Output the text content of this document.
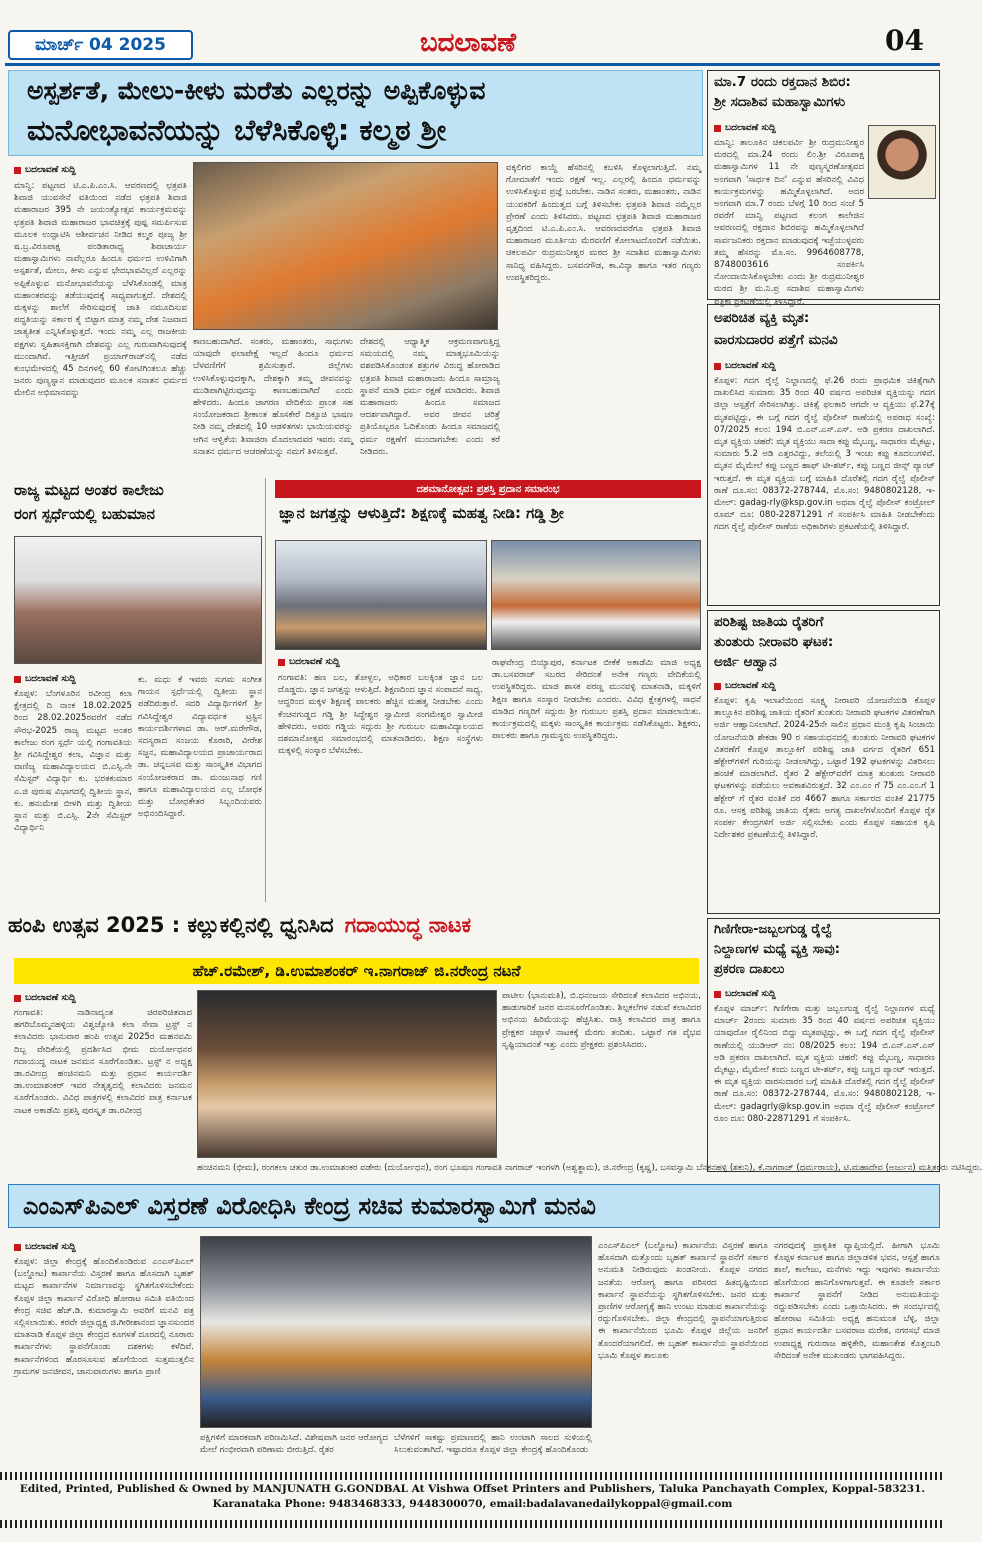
ಮಾರ್ಚ್ 04 2025	ಬದಲಾವಣೆ	04
ಅಸ್ಪರ್ಶತೆ, ಮೇಲು-ಕೀಳು ಮರೆತು ಎಲ್ಲರನ್ನು ಅಪ್ಪಿಕೊಳ್ಳುವ
ಮನೋಭಾವನೆಯನ್ನು ಬೆಳೆಸಿಕೊಳ್ಳಿ: ಕಲ್ಮಠ ಶ್ರೀ
ಬದಲಾವಣೆ ಸುದ್ದಿ
ಮಾನ್ವಿ: ಪಟ್ಟಣದ ಟಿ.ಎ.ಪಿ.ಎಂ.ಸಿ. ಆವರಣದಲ್ಲಿ ಛತ್ರಪತಿ ಶಿವಾಜಿ ಯುವಸೇನೆ ವತಿಯಿಂದ ನಡೆದ ಛತ್ರಪತಿ ಶಿವಾಜಿ ಮಹಾರಾಜರ 395 ನೇ ಜಯಂತ್ಯೋತ್ಸವ ಕಾರ್ಯಕ್ರಮವನ್ನು ಛತ್ರಪತಿ ಶಿವಾಜಿ ಮಹಾರಾಜರ ಭಾವಚಿತ್ರಕ್ಕೆ ಪುಷ್ಪ ಸಮರ್ಪಿಸುವ ಮೂಲಕ ಉದ್ಘಾಟಿಸಿ ಆಶೀರ್ವಚನ ನೀಡಿದ ಕಲ್ಮಠ ಪೂಜ್ಯ ಶ್ರೀ ಷ.ಬ್ರ.ವಿರೂಪಾಕ್ಷ ಪಂಡಿತಾರಾಧ್ಯ ಶಿವಾಚಾರ್ಯ ಮಹಾಸ್ವಾಮಿಗಳು ನಾವೆಲ್ಲರೂ ಹಿಂದೂ ಧರ್ಮದ ಉಳಿವಿಗಾಗಿ ಅಸ್ಪರ್ಶತೆ, ಮೇಲು, ಕೀಳು ಎನ್ನುವ ಭೇದಭಾವವಿಲ್ಲದೆ ಎಲ್ಲರನ್ನು ಅಪ್ಪಿಕೊಳ್ಳುವ ಮನೋಭಾವನೆಯನ್ನು ಬೆಳೆಸಿಕೊಂಡಲ್ಲಿ ಮಾತ್ರ ಮಹಾಂತರವನ್ನು ತಡೆಯುವುದಕ್ಕೆ ಸಾಧ್ಯವಾಗುತ್ತದೆ. ದೇಶದಲ್ಲಿ ಮಕ್ಕಳನ್ನು ಶಾಲೆಗೆ ಸೇರಿಸುವುದಕ್ಕೆ ಜಾತಿ ನಮೂದಿಸುವ ಪದ್ಧತಿಯನ್ನು ಸರ್ಕಾರ ಕೈ ಬಿಟ್ಟಾಗ ಮಾತ್ರ ನಮ್ಮ ದೇಶ ನಿಜವಾದ ಜಾತ್ಯತೀತ ಎನ್ನಿಸಿಕೊಳ್ಳುತ್ತದೆ. ಇಂದು ನಮ್ಮ ಎಲ್ಲ ರಾಜಕೀಯ ಪಕ್ಷಗಳು ಸ್ವಹಿತಾಸಕ್ತಿಗಾಗಿ ದೇಶವನ್ನು ಎಲ್ಲ ಗುರುವಾಗಿಸುವುದಕ್ಕೆ ಮುಂದಾಗಿವೆ. ಇತ್ತೀಚಿಗೆ ಪ್ರಯಾಗ್‌ರಾಜ್‌ನಲ್ಲಿ ನಡೆದ ಕುಂಭಮೇಳದಲ್ಲಿ 45 ದಿನಗಳಲ್ಲಿ 60 ಕೋಟಿಗಿಂತಲೂ ಹೆಚ್ಚು ಜನರು ಪುಣ್ಯಸ್ನಾನ ಮಾಡುವುದರ ಮೂಲಕ ಸನಾತನ ಧರ್ಮದ ಮೇಲಿನ ಅಭಿಮಾನವನ್ನು
ಕಾಣಬಹುದಾಗಿದೆ. ಸಂತರು, ಮಹಾಂತರು, ಸಾಧುಗಳು ಯಾವುದೇ ಫಲಾಪೇಕ್ಷೆ ಇಲ್ಲದೆ ಹಿಂದೂ ಧರ್ಮದ ಬೆಳವಣಿಗೆಗೆ ಶ್ರಮಿಸುತ್ತಾರೆ. ಜಿಲ್ಲೆಗಳು ಉಳಿಸಿಕೊಳ್ಳುವುದಕ್ಕಾಗಿ, ದೇಶಕ್ಕಾಗಿ ತಮ್ಮ ಜೀವನವನ್ನು ಮುಡಿಪಾಗಿಟ್ಟಿರುವುದನ್ನು ಕಾಣಬಹುದಾಗಿದೆ ಎಂದು ಹೇಳಿದರು. ಹಿಂದೂ ಜಾಗರಣ ವೇದಿಕೆಯ ಪ್ರಾಂತ ಸಹ ಸಂಯೋಜಕರಾದ ಶ್ರೀಕಾಂತ ಹೊಸಕೇರೆ ದಿಕ್ಸೂಚಿ ಭಾಷಣ ನೀಡಿ ನಮ್ಮ ದೇಶದಲ್ಲಿ 10 ಆಡಳಿತಗಳು ಭಾಯಿಯವರನ್ನು ಆಗಿನ ಆಳ್ವಿಕೆಯ ಶಿವಾಜಿರಾ ಮೊದಲಾದವರ ಇವರು ನಮ್ಮ ಸನಾತನ ಧರ್ಮದ ಆಚರಣೆಯನ್ನು ನಮಗೆ ತಿಳಿಸುತ್ತವೆ.
ದೇಶದಲ್ಲಿ ಆಧ್ಯಾತ್ಮಿಕ ಆಕ್ರಮಣವಾಗುತ್ತಿದ್ದ ಸಮಯದಲ್ಲಿ ನಮ್ಮ ಮಾತೃಭೂಮಿಯನ್ನು ವಶಪಡಿಸಿಕೊಂಡಂತ ಶತ್ರುಗಳ ವಿರುದ್ಧ ಹೋರಾಡಿದ ಛತ್ರಪತಿ ಶಿವಾಜಿ ಮಹಾರಾಜರು ಹಿಂದೂ ಸಾಮ್ರಾಜ್ಯ ಸ್ಥಾಪನೆ ಮಾಡಿ ಧರ್ಮ ರಕ್ಷಣೆ ಮಾಡಿದರು. ಶಿವಾಜಿ ಮಹಾರಾಜರು ಹಿಂದೂ ಸಮಾಜದ ಆದರ್ಶವಾಗಿದ್ದಾರೆ. ಅವರ ಜೀವನ ಚರಿತ್ರೆ ಪ್ರತಿಯೊಬ್ಬರೂ ಓದಿಕೊಂಡು ಹಿಂದೂ ಸಮಾಜದಲ್ಲಿ ಧರ್ಮ ರಕ್ಷಣೆಗೆ ಮುಂದಾಗಬೇಕು ಎಂದು ಕರೆ ನೀಡಿದರು.
ವಕ್ಕಲಿಗರ ಕಾಯ್ದೆ ಹೆಸರಿನಲ್ಲಿ ಕಬಳಿಸಿ ಕೊಳ್ಳಲಾಗುತ್ತಿದೆ. ನಮ್ಮ ಗೋಮಾತೆಗೆ ಇಂದು ರಕ್ಷಣೆ ಇಲ್ಲ. ಎಲ್ಲರಲ್ಲಿ ಹಿಂದೂ ಧರ್ಮವನ್ನು ಉಳಿಸಿಕೊಳ್ಳುವ ಪ್ರಜ್ಞೆ ಬರಬೇಕು. ನಾಡಿನ ಸಂತರು, ಮಹಾಂತರು, ನಾಡಿನ ಯುವಕರಿಗೆ ಹಿಂದುತ್ವದ ಬಗ್ಗೆ ತಿಳಿಸಬೇಕು ಛತ್ರಪತಿ ಶಿವಾಜಿ ನಮ್ಮೆಲ್ಲರ ಪ್ರೇರಣೆ ಎಂದು ತಿಳಿಸಿದರು. ಪಟ್ಟಣದ ಛತ್ರಪತಿ ಶಿವಾಜಿ ಮಹಾರಾಜರ ವೃತ್ತದಿಂದ ಟಿ.ಎ.ಪಿ.ಎಂ.ಸಿ. ಆವರಣದವರೆಗೂ ಛತ್ರಪತಿ ಶಿವಾಜಿ ಮಹಾರಾಜರ ಮೂರ್ತಿಯ ಮೆರವಣಿಗೆ ಕೋಲಾಟದೊಂದಿಗೆ ನಡೆಯಿತು. ಚಿಕಲಪರ್ವಿ ರುದ್ರಮುನೀಶ್ವರ ಮಠದ ಶ್ರೀ ಸದಾಶಿವ ಮಹಾಸ್ವಾಮಿಗಳು ಸಾನಿಧ್ಯ ವಹಿಸಿದ್ದರು. ಬಸವನಗೌಡ, ಕಾ.ವಿನ್ಯಾ ಹಾಗೂ ಇತರ ಗಣ್ಯರು ಉಪಸ್ಥಿತರಿದ್ದರು.
ಮಾ.7 ರಂದು ರಕ್ತದಾನ ಶಿಬಿರ:
ಶ್ರೀ ಸದಾಶಿವ ಮಹಾಸ್ವಾಮಿಗಳು
ಬದಲಾವಣೆ ಸುದ್ದಿ
ಮಾನ್ವಿ: ತಾಲೂಕಿನ ಚಿಕಲಪರ್ವಿ ಶ್ರೀ ರುದ್ರಮುನೀಶ್ವರ ಮಠದಲ್ಲಿ ಮಾ.24 ರಂದು ಲಿಂ.ಶ್ರೀ ವಿರೂಪಾಕ್ಷ ಮಹಾಸ್ವಾಮಿಗಳ 11 ನೇ ಪುಣ್ಯಸ್ಮರಣೋತ್ಸವದ ಅಂಗವಾಗಿ 'ಸಾರ್ಥಕ ದಿನ' ಎನ್ನುವ ಹೆಸರಿನಲ್ಲಿ ವಿವಿಧ ಕಾರ್ಯಕ್ರಮಗಳನ್ನು ಹಮ್ಮಿಕೊಳ್ಳಲಾಗಿದೆ. ಅದರ ಅಂಗವಾಗಿ ಮಾ.7 ರಂದು ಬೆಳಗ್ಗೆ 10 ರಿಂದ ಸಂಜೆ 5 ರವರೆಗೆ ಮಾನ್ವಿ ಪಟ್ಟಣದ ಕಲಂಗ ಕಾಲೇಜಿನ ಆವರಣದಲ್ಲಿ ರಕ್ತದಾನ ಶಿಬಿರವನ್ನು ಹಮ್ಮಿಕೊಳ್ಳಲಾಗಿದೆ ಸಾರ್ವಜನಿಕರು ರಕ್ತದಾನ ಮಾಡುವುದಕ್ಕೆ ಇಚ್ಛೆಯುಳ್ಳವರು ತಮ್ಮ ಹೆಸರನ್ನು ಮೊ.ಸಂ. 9964608778, 8748003616 ಸಂಪರ್ಕಿಸಿ ನೋಂದಾಯಿಸಿಕೊಳ್ಳಬೇಕು ಎಂದು ಶ್ರೀ ರುದ್ರಮುನೀಶ್ವರ ಮಠದ ಶ್ರೀ ಮ.ನಿ.ಪ್ರ ಸದಾಶಿವ ಮಹಾಸ್ವಾಮಿಗಳು ಪತ್ರಿಕಾ ಪ್ರಕಟಣೆಯಲ್ಲಿ ತಿಳಿಸಿದ್ದಾರೆ.
ಅಪರಿಚಿತ ವ್ಯಕ್ತಿ ಮೃತ:
ವಾರಸುದಾರರ ಪತ್ತೆಗೆ ಮನವಿ
ಬದಲಾವಣೆ ಸುದ್ದಿ
ಕೊಪ್ಪಳ: ಗದಗ ರೈಲ್ವೆ ನಿಲ್ದಾಣದಲ್ಲಿ ಫೆ.26 ರಂದು ಪ್ರಾಥಮಿಕ ಚಿಕಿತ್ಸೆಗಾಗಿ ದಾಖಲಿಸಿದ ಸುಮಾರು 35 ರಿಂದ 40 ವರ್ಷದ ಅಪರಿಚಿತ ವ್ಯಕ್ತಿಯನ್ನು ಗದಗ ಜಿಲ್ಲಾ ಆಸ್ಪತ್ರೆಗೆ ಸೇರಿಸಲಾಗಿತ್ತು. ಚಿಕಿತ್ಸೆ ಫಲಕಾರಿ ಆಗದೇ ಆ ವ್ಯಕ್ತಿಯು ಫೆ.27ಕ್ಕೆ ಮೃತಪಟ್ಟಿದ್ದು, ಈ ಬಗ್ಗೆ ಗದಗ ರೈಲ್ವೆ ಪೊಲೀಸ್ ಠಾಣೆಯಲ್ಲಿ ಅಪರಾಧ ಸಂಖ್ಯೆ: 07/2025 ಕಲಂ: 194 ಬಿ.ಎನ್.ಎಸ್.ಎಸ್. ಅಡಿ ಪ್ರಕರಣ ದಾಖಲಾಗಿದೆ. ಮೃತ ವ್ಯಕ್ತಿಯ ಚಹರೆ: ಮೃತ ವ್ಯಕ್ತಿಯು ಸಾದಾ ಕಪ್ಪು ಮೈಬಣ್ಣ, ಸಾಧಾರಣ ಮೈಕಟ್ಟು, ಸುಮಾರು 5.2 ಅಡಿ ಎತ್ತರವಿದ್ದು, ತಲೆಯಲ್ಲಿ 3 ಇಂಚು ಕಪ್ಪು ಕೂದಲುಗಳಿವೆ. ಮೃತನ ಮೈಮೇಲೆ ಕಪ್ಪು ಬಣ್ಣದ ಹಾಫ್ ಟೀ-ಶರ್ಟ್, ಕಪ್ಪು ಬಣ್ಣದ ಜೀನ್ಸ್ ಪ್ಯಾಂಟ್ ಇರುತ್ತದೆ. ಈ ಮೃತ ವ್ಯಕ್ತಿಯ ಬಗ್ಗೆ ಮಾಹಿತಿ ದೊರೆತಲ್ಲಿ ಗದಗ ರೈಲ್ವೆ ಪೊಲೀಸ್ ಠಾಣೆ ದೂ.ಸಂ: 08372-278744, ಮೊ.ಸಂ: 9480802128, ಇ-ಮೇಲ್: gadag-rly@ksp.gov.in ಅಥವಾ ರೈಲ್ವೆ ಪೊಲೀಸ್ ಕಂಟ್ರೋಲ್ ರೂಮ್ ದೂ: 080-22871291 ಗೆ ಸಂಪರ್ಕಿಸಿ ಮಾಹಿತಿ ನೀಡಬೇಕೆಂದು ಗದಗ ರೈಲ್ವೆ ಪೊಲೀಸ್ ಠಾಣೆಯ ಅಧಿಕಾರಿಗಳು ಪ್ರಕಟಣೆಯಲ್ಲಿ ತಿಳಿಸಿದ್ದಾರೆ.
ಪರಿಶಿಷ್ಟ ಜಾತಿಯ ರೈತರಿಗೆ
ತುಂತುರು ನೀರಾವರಿ ಘಟಕ:
ಅರ್ಜಿ ಆಹ್ವಾನ
ಬದಲಾವಣೆ ಸುದ್ದಿ
ಕೊಪ್ಪಳ: ಕೃಷಿ ಇಲಾಖೆಯಿಂದ ಸೂಕ್ಷ್ಮ ನೀರಾವರಿ ಯೋಜನೆಯಡಿ ಕೊಪ್ಪಳ ತಾಲ್ಲೂಕಿನ ಪರಿಶಿಷ್ಟ ಜಾತಿಯ ರೈತರಿಗೆ ತುಂತುರು ನೀರಾವರಿ ಘಟಕಗಳ ವಿತರಣೆಗಾಗಿ ಅರ್ಜಿ ಆಹ್ವಾನಿಸಲಾಗಿದೆ. 2024-25ನೇ ಸಾಲಿನ ಪ್ರಧಾನ ಮಂತ್ರಿ ಕೃಷಿ ಸಿಂಚಾಯಿ ಯೋಜನೆಯಡಿ ಶೇಕಡಾ 90 ರ ಸಹಾಯಧನದಲ್ಲಿ ತುಂತುರು ನೀರಾವರಿ ಘಟಕಗಳ ವಿತರಣೆಗೆ ಕೊಪ್ಪಳ ತಾಲ್ಲೂಕಿಗೆ ಪರಿಶಿಷ್ಟ ಜಾತಿ ವರ್ಗದ ರೈತರಿಗೆ 651 ಹೆಕ್ಟೇರ್‌ಗಳಿಗೆ ಗುರಿಯನ್ನು ನೀಡಲಾಗಿದ್ದು, ಒಟ್ಟಾರೆ 192 ಘಟಕಗಳನ್ನು ವಿತರಿಸಲು ಹಂಚಿಕೆ ಮಾಡಲಾಗಿದೆ. ರೈತರ 2 ಹೆಕ್ಟೇರ್‌ವರೆಗೆ ಮಾತ್ರ ತುಂತುರು ನೀರಾವರಿ ಘಟಕಗಳನ್ನು ಪಡೆಯಲು ಅವಕಾಶವಿರುತ್ತದೆ. 32 ಎಂ.ಎಂ ಗೆ 75 ಎಂ.ಎಂ.ಗೆ 1 ಹೆಕ್ಟೇರ್ ಗೆ ರೈತರ ವಂತಿಕೆ ದರ 4667 ಹಾಗೂ ಸರ್ಕಾರದ ವಂತಿಕೆ 21775 ರೂ. ಆಸಕ್ತ ಪರಿಶಿಷ್ಟ ಜಾತಿಯ ರೈತರು ಅಗತ್ಯ ದಾಖಲೆಗಳೊಂದಿಗೆ ಕೊಪ್ಪಳ ರೈತ ಸಂಪರ್ಕ ಕೇಂದ್ರಗಳಿಗೆ ಅರ್ಜಿ ಸಲ್ಲಿಸಬೇಕು ಎಂದು ಕೊಪ್ಪಳ ಸಹಾಯಕ ಕೃಷಿ ನಿರ್ದೇಶಕರ ಪ್ರಕಟಣೆಯಲ್ಲಿ ತಿಳಿಸಿದ್ದಾರೆ.
ಗಿಣಿಗೇರಾ-ಜಬ್ಬಲಗುಡ್ಡ ರೈಲ್ವೆ
ನಿಲ್ದಾಣಗಳ ಮಧ್ಯೆ ವ್ಯಕ್ತಿ ಸಾವು:
ಪ್ರಕರಣ ದಾಖಲು
ಬದಲಾವಣೆ ಸುದ್ದಿ
ಕೊಪ್ಪಳ ಮಾರ್ಚ್: ಗಿಣಿಗೇರಾ ಮತ್ತು ಜಬ್ಬಲಗುಡ್ಡ ರೈಲ್ವೆ ನಿಲ್ದಾಣಗಳ ಮಧ್ಯೆ ಮಾರ್ಚ್ 2ರಂದು ಸುಮಾರು 35 ರಿಂದ 40 ವರ್ಷದ ಅಪರಿಚಿತ ವ್ಯಕ್ತಿಯು ಯಾವುದೋ ರೈಲಿನಿಂದ ಬಿದ್ದು ಮೃತಪಟ್ಟಿದ್ದು, ಈ ಬಗ್ಗೆ ಗದಗ ರೈಲ್ವೆ ಪೊಲೀಸ್ ಠಾಣೆಯಲ್ಲಿ ಯುಡಿಆರ್ ನಂ: 08/2025 ಕಲಂ: 194 ಬಿ.ಎನ್.ಎಸ್.ಎಸ್ ಅಡಿ ಪ್ರಕರಣ ದಾಖಲಾಗಿದೆ. ಮೃತ ವ್ಯಕ್ತಿಯ ಚಹರೆ: ಕಪ್ಪು ಮೈಬಣ್ಣ, ಸಾಧಾರಣ ಮೈಕಟ್ಟು, ಮೈಮೇಲೆ ಕಂದು ಬಣ್ಣದ ಟೀ-ಶರ್ಟ್, ಕಪ್ಪು ಬಣ್ಣದ ಪ್ಯಾಂಟ್ ಇರುತ್ತದೆ. ಈ ಮೃತ ವ್ಯಕ್ತಿಯ ವಾರಸುದಾರರ ಬಗ್ಗೆ ಮಾಹಿತಿ ದೊರೆತಲ್ಲಿ ಗದಗ ರೈಲ್ವೆ ಪೊಲೀಸ್ ಠಾಣೆ ದೂ.ಸಂ: 08372-278744, ಮೊ.ಸಂ: 9480802128, ಇ-ಮೇಲ್: gadagrly@ksp.gov.in ಅಥವಾ ರೈಲ್ವೆ ಪೊಲೀಸ್ ಕಂಟ್ರೋಲ್ ರೂಂ ದೂ: 080-22871291 ಗೆ ಸಂಪರ್ಕಿಸಿ.
ರಾಜ್ಯ ಮಟ್ಟದ ಅಂತರ ಕಾಲೇಜು
ರಂಗ ಸ್ಪರ್ಧೆಯಲ್ಲಿ ಬಹುಮಾನ
ಬದಲಾವಣೆ ಸುದ್ದಿ
ಕೊಪ್ಪಳ: ಬೆಂಗಳೂರಿನ ರವೀಂದ್ರ ಕಲಾ ಕ್ಷೇತ್ರದಲ್ಲಿ ದಿ ನಾಂಕ 18.02.2025 ರಿಂದ 28.02.2025ರವರೆಗೆ ನಡೆದ ಸೌರಭ-2025 ರಾಜ್ಯ ಮಟ್ಟದ ಅಂತರ ಕಾಲೇಜು ರಂಗ ಸ್ಪರ್ಧೆ ಯಲ್ಲಿ ಗಂಗಾವತಿಯ ಶ್ರೀ ಗವಿಸಿದ್ದೇಶ್ವರ ಕಲಾ, ವಿಜ್ಞಾನ ಮತ್ತು ವಾಣಿಜ್ಯ ಮಹಾವಿದ್ಯಾಲಯದ ಬಿ.ಎಸ್ಸಿ.ನೇ ಸೆಮಿಸ್ಟರ್ ವಿದ್ಯಾರ್ಥಿ ಕು. ಭರತಕುಮಾರ ಎ.ಜಿ ಪುರುಷ ವಿಭಾಗದಲ್ಲಿ ದ್ವಿತೀಯ ಸ್ಥಾನ, ಕು. ಹನುಮೇಶ ಬೀಳಗಿ ಮತ್ತು ದ್ವಿತೀಯ ಸ್ಥಾನ ಮತ್ತು ಬಿ.ಎಸ್ಸಿ. 2ನೇ ಸೆಮಿಸ್ಟರ್ ವಿದ್ಯಾರ್ಥಿನಿ
ಕು. ಮಧು ಕೆ ಇವರು ಸುಗಮ ಸಂಗೀತ ಗಾಯನ ಸ್ಪರ್ಧೆಯಲ್ಲಿ ದ್ವಿತೀಯ ಸ್ಥಾನ ಪಡೆದಿರುತ್ತಾರೆ. ಸದರಿ ವಿದ್ಯಾರ್ಥಿಗಳಿಗೆ ಶ್ರೀ ಗವಿಸಿದ್ದೇಶ್ವರ ವಿದ್ಯಾವರ್ಧಕ ಟ್ರಸ್ಟಿನ ಕಾರ್ಯದರ್ಶಿಗಳಾದ ಡಾ. ಆರ್.ಮರೇಗೌಡ, ಸದಸ್ಯರಾದ ಸಂಜಯ ಕೊಠಾರಿ, ವೀರೇಶ ಸಜ್ಜನ, ಮಹಾವಿದ್ಯಾಲಯದ ಪ್ರಾಚಾರ್ಯರಾದ ಡಾ. ಚನ್ನಬಸವ ಮತ್ತು ಸಾಂಸ್ಕೃತಿಕ ವಿಭಾಗದ ಸಂಯೋಜಕರಾದ ಡಾ. ಮಂಜುನಾಥ ಗಣಿ ಹಾಗೂ ಮಹಾವಿದ್ಯಾಲಯದ ಎಲ್ಲ ಬೋಧಕ ಮತ್ತು ಬೋಧಕೇತರ ಸಿಬ್ಬಂದಿಯವರು ಅಭಿನಂದಿಸಿದ್ದಾರೆ.
ದಶಮಾನೋತ್ಸವ: ಪ್ರಶಸ್ತಿ ಪ್ರದಾನ ಸಮಾರಂಭ
ಜ್ಞಾನ ಜಗತ್ತನ್ನು ಆಳುತ್ತಿದೆ: ಶಿಕ್ಷಣಕ್ಕೆ ಮಹತ್ವ ನೀಡಿ: ಗಡ್ಡಿ ಶ್ರೀ
ಬದಲಾವಣೆ ಸುದ್ದಿ
ಗಂಗಾವತಿ: ಹಣ ಬಲ, ತೋಳ್ಬಲ, ಅಧಿಕಾರ ಬಲಕ್ಕಿಂತ ಜ್ಞಾನ ಬಲ ದೊಡ್ಡದು. ಜ್ಞಾನ ಜಗತ್ತನ್ನು ಆಳುತ್ತಿದೆ. ಶಿಕ್ಷಣದಿಂದ ಜ್ಞಾನ ಸಂಪಾದನೆ ಸಾಧ್ಯ. ಆದ್ದರಿಂದ ಮಕ್ಕಳ ಶಿಕ್ಷಣಕ್ಕೆ ಪಾಲಕರು ಹೆಚ್ಚಿನ ಮಹತ್ವ ನೀಡಬೇಕು ಎಂದು ಕೆಂಚನಗುಡ್ಡದ ಗಡ್ಡಿ ಶ್ರೀ ಸಿದ್ಧೇಶ್ವರ ಸ್ವಾಮೀಜಿ ಸಂಗಮೇಶ್ವರ ಸ್ವಾಮೀಜಿ ಹೇಳಿದರು. ಅವರು ಗಡ್ಡಿಯ ಸದ್ಗುರು ಶ್ರೀ ಗುರುಬಲ ಮಹಾವಿದ್ಯಾಲಯದ ದಶಮಾನೋತ್ಸವ ಸಮಾರಂಭದಲ್ಲಿ ಮಾತನಾಡಿದರು. ಶಿಕ್ಷಣ ಸಂಸ್ಥೆಗಳು ಮಕ್ಕಳಲ್ಲಿ ಸಂಸ್ಕಾರ ಬೆಳೆಸಬೇಕು.
ರಾಘವೇಂದ್ರ ಬಿಯ್ಯಾಪುರ, ಕರ್ನಾಟಕ ಬೀಕೆಕೆ ಅಕಾಡೆಮಿ ಮಾಜಿ ಅಧ್ಯಕ್ಷ ಡಾ.ಬಸವರಾಜ್ ಸಬರದ ಸೇರಿದಂತೆ ಅನೇಕ ಗಣ್ಯರು ವೇದಿಕೆಯಲ್ಲಿ ಉಪಸ್ಥಿತರಿದ್ದರು. ಮಾಜಿ ಶಾಸಕ ಪರಣ್ಣ ಮುನವಳ್ಳಿ ಮಾತನಾಡಿ, ಮಕ್ಕಳಿಗೆ ಶಿಕ್ಷಣ ಹಾಗೂ ಸಂಸ್ಕಾರ ನೀಡಬೇಕು ಎಂದರು. ವಿವಿಧ ಕ್ಷೇತ್ರಗಳಲ್ಲಿ ಸಾಧನೆ ಮಾಡಿದ ಗಣ್ಯರಿಗೆ ಸದ್ಗುರು ಶ್ರೀ ಗುರುಬಲ ಪ್ರಶಸ್ತಿ ಪ್ರದಾನ ಮಾಡಲಾಯಿತು. ಕಾರ್ಯಕ್ರಮದಲ್ಲಿ ಮಕ್ಕಳು ಸಾಂಸ್ಕೃತಿಕ ಕಾರ್ಯಕ್ರಮ ನಡೆಸಿಕೊಟ್ಟರು. ಶಿಕ್ಷಕರು, ಪಾಲಕರು ಹಾಗೂ ಗ್ರಾಮಸ್ಥರು ಉಪಸ್ಥಿತರಿದ್ದರು.
ಹಂಪಿ ಉತ್ಸವ 2025 : ಕಲ್ಲುಕಲ್ಲಿನಲ್ಲಿ ಧ್ವನಿಸಿದ ಗದಾಯುದ್ಧ ನಾಟಕ
ಹೆಚ್.ರಮೇಶ್, ಡಿ.ಉಮಾಶಂಕರ್ ಇ.ನಾಗರಾಜ್ ಜಿ.ನರೇಂದ್ರ ನಟನೆ
ಬದಲಾವಣೆ ಸುದ್ದಿ
ಗಂಗಾವತಿ: ನಾಡಿನಾದ್ಯಂತ ಚಿರಪರಿಚಿತವಾದ ಹಗರಿಬೊಮ್ಮನಹಳ್ಳಿಯ ವಿಶ್ವಜ್ಯೋತಿ ಕಲಾ ಸೇವಾ ಟ್ರಸ್ಟ್ ನ ಕಲಾವಿದರು ಭಾನುವಾರ ಹಂಪಿ ಉತ್ಸವ 2025ರ ಮಹನವಮಿ ದಿಬ್ಬ ವೇದಿಕೆಯಲ್ಲಿ ಪ್ರದರ್ಶಿಸಿದ ಭೀಮ ದುರ್ಯೋಧನರ ಗದಾಯುದ್ಧ ನಾಟಕ ಜನಮನ ಸೂರೆಗೊಂಡಿತು. ಟ್ರಸ್ಟ್ ನ ಅಧ್ಯಕ್ಷ ಡಾ.ರವೀಂದ್ರ ಹಂಚಿನಮನಿ ಮತ್ತು ಪ್ರಧಾನ ಕಾರ್ಯದರ್ಶಿ ಡಾ.ಉಮಾಶಂಕರ್ ಇವರ ನೇತೃತ್ವದಲ್ಲಿ ಕಲಾವಿದರು ಜನಮನ ಸೂರೆಗೊಂಡರು. ವಿವಿಧ ಪಾತ್ರಗಳಲ್ಲಿ ಕಲಾವಿದರ ಪಾತ್ರ ಕರ್ನಾಟಕ ನಾಟಕ ಅಕಾಡೆಮಿ ಪ್ರಶಸ್ತಿ ಪುರಸ್ಕೃತ ಡಾ.ರವೀಂದ್ರ
ಪಾಟೀಲ (ಭಾನುಮತಿ), ಬಿ.ಧನಂಜಯ ಸೇರಿದಂತೆ ಕಲಾವಿದರ ಅಭಿನಯ, ಹಾಡುಗಾರಿಕೆ ಜನರ ಮನಸೂರೆಗೊಂಡಿತು. ಶಿಲ್ಪಕಲೆಗಳ ನಡುವೆ ಕಲಾವಿದರ ಅಭಿನಯ ಹಿರಿಮೆಯನ್ನು ಹೆಚ್ಚಿಸಿತು. ರಾತ್ರಿ ಕಲಾವಿದರ ಪಾತ್ರ ಹಾಗೂ ಪ್ರೇಕ್ಷಕರ ಚಪ್ಪಾಳೆ ನಾಟಕಕ್ಕೆ ಮೆರಗು ತಂದಿತು. ಒಟ್ಟಾರೆ ಗತ ವೈಭವ ಸೃಷ್ಟಿಯಾದಂತೆ ಇತ್ತು ಎಂದು ಪ್ರೇಕ್ಷಕರು ಪ್ರಶಂಸಿಸಿದರು.
ಹಂಚಿನಮನಿ (ಭೀಮ), ರಂಗಕಲಾ ಚತುರ ಡಾ.ಉಮಾಶಂಕರ ವಡೇರು (ದುರ್ಯೋಧನ), ರಂಗ ಭೂಷಣ ಗಂಗಾವತಿ ನಾಗರಾಜ್ ಇಂಗಳಗಿ (ಅಶ್ವತ್ಥಾಮ), ಜಿ.ನರೇಂದ್ರ (ಕೃಷ್ಣ), ಬಸವಸ್ವಾಮಿ ಬೆನಕನಹಳ್ಳಿ (ಶಕುನಿ), ಕೆ.ನಾಗರಾಜ್ (ಧರ್ಮರಾಯ), ಟಿ.ಮಹಾದೇವ (ಅರ್ಜುನ) ಮತ್ತಿತರರು ನಟಿಸಿದ್ದರು.
ಎಂಎಸ್‌ಪಿಎಲ್ ವಿಸ್ತರಣೆ ವಿರೋಧಿಸಿ ಕೇಂದ್ರ ಸಚಿವ ಕುಮಾರಸ್ವಾಮಿಗೆ ಮನವಿ
ಬದಲಾವಣೆ ಸುದ್ದಿ
ಕೊಪ್ಪಳ: ಜಿಲ್ಲಾ ಕೇಂದ್ರಕ್ಕೆ ಹೊಂದಿಕೊಂಡಿರುವ ಎಂಎಸ್‌ಪಿಎಲ್ (ಬಲ್ಡೋಟ) ಕಾರ್ಖಾನೆಯ ವಿಸ್ತರಣೆ ಹಾಗೂ ಹೊಸದಾಗಿ ಬೃಹತ್ ಮಟ್ಟದ ಕಾರ್ಖಾನೆಗಳ ನಿರ್ಮಾಣವನ್ನು ಸ್ಥಗಿತಗೊಳಿಸಬೇಕೆಂದು ಕೊಪ್ಪಳ ಜಿಲ್ಲಾ ಕಾರ್ಖಾನೆ ವಿರೋಧಿ ಹೋರಾಟ ಸಮಿತಿ ವತಿಯಿಂದ ಕೇಂದ್ರ ಸಚಿವ ಹೆಚ್.ಡಿ. ಕುಮಾರಸ್ವಾಮಿ ಅವರಿಗೆ ಮನವಿ ಪತ್ರ ಸಲ್ಲಿಸಲಾಯಿತು. ಕರವೇ ಜಿಲ್ಲಾಧ್ಯಕ್ಷ ಜಿ.ಗೀರೀಶಾನಂದ ಜ್ಞಾನಸುಂದರ ಮಾತನಾಡಿ ಕೊಪ್ಪಳ ಜಿಲ್ಲಾ ಕೇಂದ್ರದ ಕೂಗಳತೆ ದೂರದಲ್ಲಿ ನೂರಾರು ಕಾರ್ಖಾನೆಗಳು ಸ್ಥಾಪನೆಗೊಂಡು ದಶಕಗಳು ಕಳೆದಿವೆ. ಕಾರ್ಖಾನೆಗಳಿಂದ ಹೊರಸೂಸುವ ಹೊಗೆಯಿಂದ ಸುತ್ತಮುತ್ತಲಿನ ಗ್ರಾಮಗಳ ಜನಜೀವನ, ಜಾನುವಾರುಗಳು ಹಾಗೂ ಪ್ರಾಣಿ
ಪಕ್ಷಿಗಳಿಗೆ ಮಾರಕವಾಗಿ ಪರಿಣಮಿಸಿದೆ. ವಿಶೇಷವಾಗಿ ಜನರ ಆರೋಗ್ಯದ ಮೇಲೆ ಗಂಭೀರವಾಗಿ ಪರಿಣಾಮ ಬೀರುತ್ತಿದೆ. ರೈತರ
ಬೆಳೆಗಳಿಗೆ ಸಾಕಷ್ಟು ಪ್ರಮಾಣದಲ್ಲಿ ಹಾನಿ ಉಂಟಾಗಿ ಸಾಲದ ಸುಳಿಯಲ್ಲಿ ಸಿಲುಕುವಂತಾಗಿದೆ. ಇಷ್ಟಾದರೂ ಕೊಪ್ಪಳ ಜಿಲ್ಲಾ ಕೇಂದ್ರಕ್ಕೆ ಹೊಂದಿಕೊಂಡು
ಎಂಎಸ್‌ಪಿಎಲ್ (ಬಲ್ಡೋಟ) ಕಾರ್ಖಾನೆಯ ವಿಸ್ತರಣೆ ಹಾಗೂ ಹೊಸದಾಗಿ ಮತ್ತೊಂದು ಬೃಹತ್ ಕಾರ್ಖಾನೆ ಸ್ಥಾಪನೆಗೆ ಸರ್ಕಾರ ಅನುಮತಿ ನೀಡಿರುವುದು ಖಂಡನೀಯ. ಕೊಪ್ಪಳ ನಗರದ ಜನತೆಯ ಆರೋಗ್ಯ ಹಾಗೂ ಪರಿಸರದ ಹಿತದೃಷ್ಟಿಯಿಂದ ಕಾರ್ಖಾನೆ ಸ್ಥಾಪನೆಯನ್ನು ಸ್ಥಗಿತಗೊಳಿಸಬೇಕು. ಜನರ ಮತ್ತು ಪ್ರಾಣಿಗಳ ಆರೋಗ್ಯಕ್ಕೆ ಹಾನಿ ಉಂಟು ಮಾಡುವ ಕಾರ್ಖಾನೆಯನ್ನು ರದ್ದುಗೊಳಿಸಬೇಕು. ಜಿಲ್ಲಾ ಕೇಂದ್ರದಲ್ಲಿ ಸ್ಥಾಪನೆಯಾಗುತ್ತಿರುವ ಈ ಕಾರ್ಖಾನೆಯಿಂದ ಭೂಮಿ ಕೊಪ್ಪಳ ಜಿಲ್ಲೆಯ ಜನರಿಗೆ ತೊಂದರೆಯಾಗಲಿದೆ. ಈ ಬೃಹತ್ ಕಾರ್ಖಾನೆಯ ಸ್ಥಾಪನೆಯಿಂದ ಭೂಮಿ ಕೊಪ್ಪಳ ತಾಲೂಕು
ನಗರವುದಕ್ಕೆ ಪ್ರಾಕೃತಿಕ ವ್ಯಾಪ್ತಿಯಲ್ಲಿದೆ. ಹೀಗಾಗಿ ಭೂಮಿ ಕೊಪ್ಪಳ ಕರ್ನಾಟಕ ಹಾಗೂ ಜಿಲ್ಲಾಡಳಿತ ಭವನ, ಆಸ್ಪತ್ರೆ ಹಾಗೂ ಶಾಲೆ, ಕಾಲೇಜು, ಮನೆಗಳು ಇದ್ದು ಇವುಗಳು ಕಾರ್ಖಾನೆಯ ಹೊಗೆಯಿಂದ ಹಾನಿಗೊಳಗಾಗುತ್ತವೆ. ಈ ಕೂಡಲೇ ಸರ್ಕಾರ ಕಾರ್ಖಾನೆ ಸ್ಥಾಪನೆಗೆ ನೀಡಿದ ಅನುಮತಿಯನ್ನು ರದ್ದುಪಡಿಸಬೇಕು ಎಂದು ಒತ್ತಾಯಿಸಿದರು. ಈ ಸಂದರ್ಭದಲ್ಲಿ ಹೋರಾಟ ಸಮಿತಿಯ ಅಧ್ಯಕ್ಷ ಹನುಮಂತ ಬೆಳ್ಳಿ, ಜಿಲ್ಲಾ ಪ್ರಧಾನ ಕಾರ್ಯದರ್ಶಿ ಬಸವರಾಜ ಮರೇಶ, ನಗರಸಭೆ ಮಾಜಿ ಉಪಾಧ್ಯಕ್ಷ ಗುರುರಾಜ ಹಳ್ಳಿಕೇರಿ, ಮಹಾಂತೇಶ ಕೊತ್ತಂಬರಿ ಸೇರಿದಂತೆ ಅನೇಕ ಮುಖಂಡರು ಭಾಗವಹಿಸಿದ್ದರು.
Edited, Printed, Published & Owned by MANJUNATH G.GONDBAL At Vishwa Offset Printers and Publishers, Taluka Panchayath Complex, Koppal-583231.
Karanataka Phone: 9483468333, 9448300070, email:badalavanedailykoppal@gmail.com
